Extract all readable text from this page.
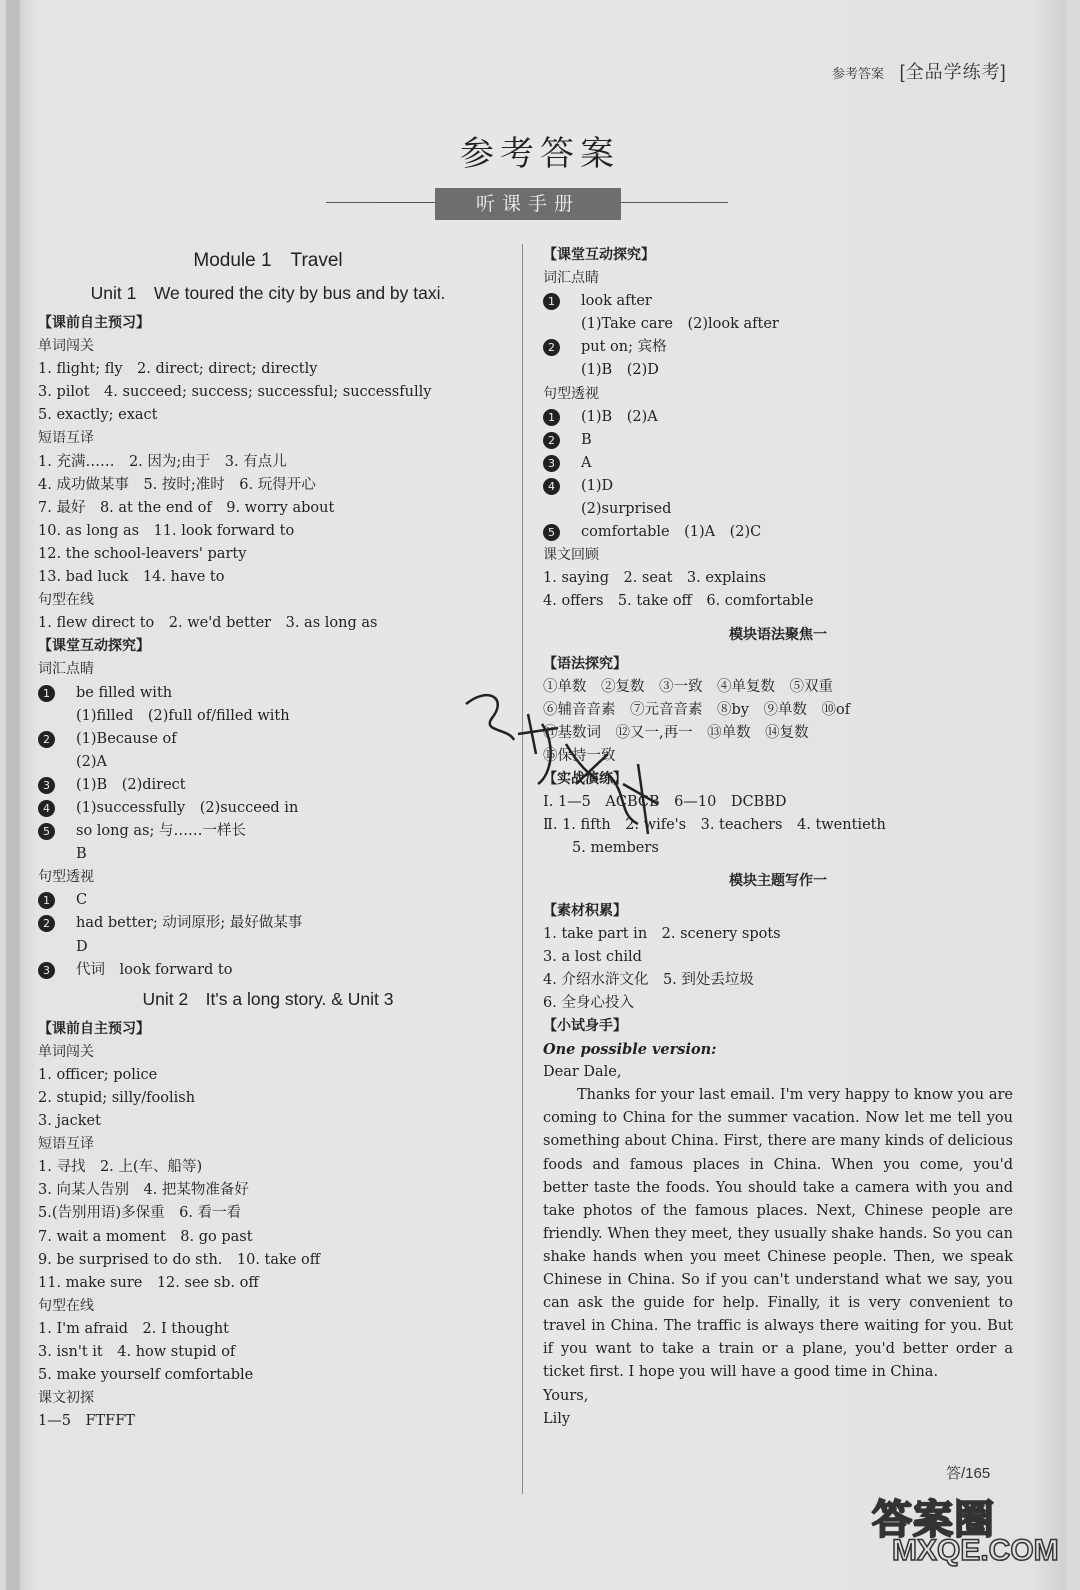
参考答案 [全品学练考]
参考答案
听课手册
Module 1　Travel
Unit 1　We toured the city by bus and by taxi.
【课前自主预习】
单词闯关
1. flight; fly　2. direct; direct; directly
3. pilot　4. succeed; success; successful; successfully
5. exactly; exact
短语互译
1. 充满……　2. 因为;由于　3. 有点儿
4. 成功做某事　5. 按时;准时　6. 玩得开心
7. 最好　8. at the end of　9. worry about
10. as long as　11. look forward to
12. the school-leavers' party
13. bad luck　14. have to
句型在线
1. flew direct to　2. we'd better　3. as long as
【课堂互动探究】
词汇点睛
1	be filled with
(1)filled　(2)full of/filled with
2	(1)Because of
(2)A
3	(1)B　(2)direct
4	(1)successfully　(2)succeed in
5	so long as; 与……一样长
B
句型透视
1	C
2	had better; 动词原形; 最好做某事
D
3	代词　look forward to
Unit 2　It's a long story. & Unit 3
【课前自主预习】
单词闯关
1. officer; police
2. stupid; silly/foolish
3. jacket
短语互译
1. 寻找　2. 上(车、船等)
3. 向某人告别　4. 把某物准备好
5.(告别用语)多保重　6. 看一看
7. wait a moment　8. go past
9. be surprised to do sth.　10. take off
11. make sure　12. see sb. off
句型在线
1. I'm afraid　2. I thought
3. isn't it　4. how stupid of
5. make yourself comfortable
课文初探
1—5　FTFFT
【课堂互动探究】
词汇点睛
1	look after
(1)Take care　(2)look after
2	put on; 宾格
(1)B　(2)D
句型透视
1	(1)B　(2)A
2	B
3	A
4	(1)D
(2)surprised
5	comfortable　(1)A　(2)C
课文回顾
1. saying　2. seat　3. explains
4. offers　5. take off　6. comfortable
模块语法聚焦一
【语法探究】
①单数　②复数　③一致　④单复数　⑤双重
⑥辅音音素　⑦元音音素　⑧by　⑨单数　⑩of
⑪基数词　⑫又一,再一　⑬单数　⑭复数
⑮保持一致
【实战演练】
Ⅰ. 1—5　ACBCB　6—10　DCBBD
Ⅱ. 1. fifth　2. wife's　3. teachers　4. twentieth
　　5. members
模块主题写作一
【素材积累】
1. take part in　2. scenery spots
3. a lost child
4. 介绍水浒文化　5. 到处丢垃圾
6. 全身心投入
【小试身手】

One possible version:

Dear Dale,

Thanks for your last email. I'm very happy to know you are coming to China for the summer vacation. Now let me tell you something about China. First, there are many kinds of delicious foods and famous places in China. When you come, you'd better taste the foods. You should take a camera with you and take photos of the famous places. Next, Chinese people are friendly. When they meet, they usually shake hands. So you can shake hands when you meet Chinese people. Then, we speak Chinese in China. So if you can't understand what we say, you can ask the guide for help. Finally, it is very convenient to travel in China. The traffic is always there waiting for you. But if you want to take a train or a plane, you'd better order a ticket first. I hope you will have a good time in China.

Yours,

Lily

答/165
答案圈
MXQE.COM
